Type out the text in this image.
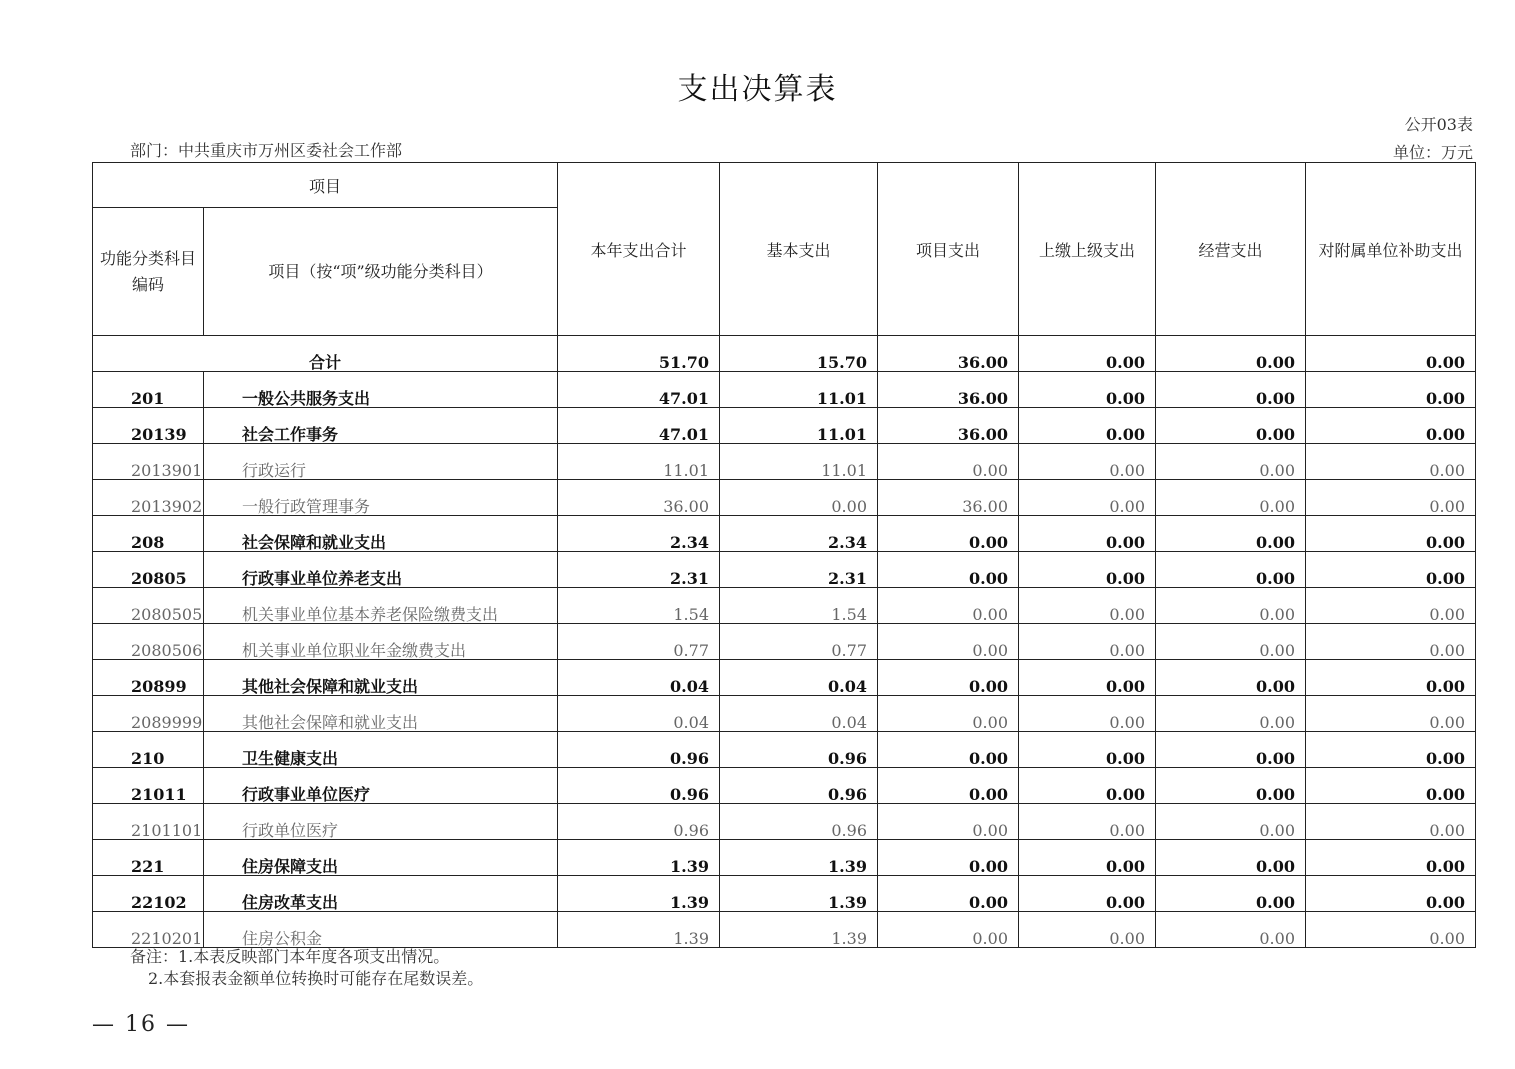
支出决算表
公开03表
部门：中共重庆市万州区委社会工作部	单位：万元
项目		本年支出合计	基本支出	项目支出	上缴上级支出	经营支出	对附属单位补助支出
功能分类科目编码	项目（按“项”级功能分类科目）						
合计		51.70	15.70	36.00	0.00	0.00	0.00
201	一般公共服务支出	47.01	11.01	36.00	0.00	0.00	0.00
20139	社会工作事务	47.01	11.01	36.00	0.00	0.00	0.00
2013901	行政运行	11.01	11.01	0.00	0.00	0.00	0.00
2013902	一般行政管理事务	36.00	0.00	36.00	0.00	0.00	0.00
208	社会保障和就业支出	2.34	2.34	0.00	0.00	0.00	0.00
20805	行政事业单位养老支出	2.31	2.31	0.00	0.00	0.00	0.00
2080505	机关事业单位基本养老保险缴费支出	1.54	1.54	0.00	0.00	0.00	0.00
2080506	机关事业单位职业年金缴费支出	0.77	0.77	0.00	0.00	0.00	0.00
20899	其他社会保障和就业支出	0.04	0.04	0.00	0.00	0.00	0.00
2089999	其他社会保障和就业支出	0.04	0.04	0.00	0.00	0.00	0.00
210	卫生健康支出	0.96	0.96	0.00	0.00	0.00	0.00
21011	行政事业单位医疗	0.96	0.96	0.00	0.00	0.00	0.00
2101101	行政单位医疗	0.96	0.96	0.00	0.00	0.00	0.00
221	住房保障支出	1.39	1.39	0.00	0.00	0.00	0.00
22102	住房改革支出	1.39	1.39	0.00	0.00	0.00	0.00
2210201	住房公积金	1.39	1.39	0.00	0.00	0.00	0.00
备注：1.本表反映部门本年度各项支出情况。
2.本套报表金额单位转换时可能存在尾数误差。
— 16 —
